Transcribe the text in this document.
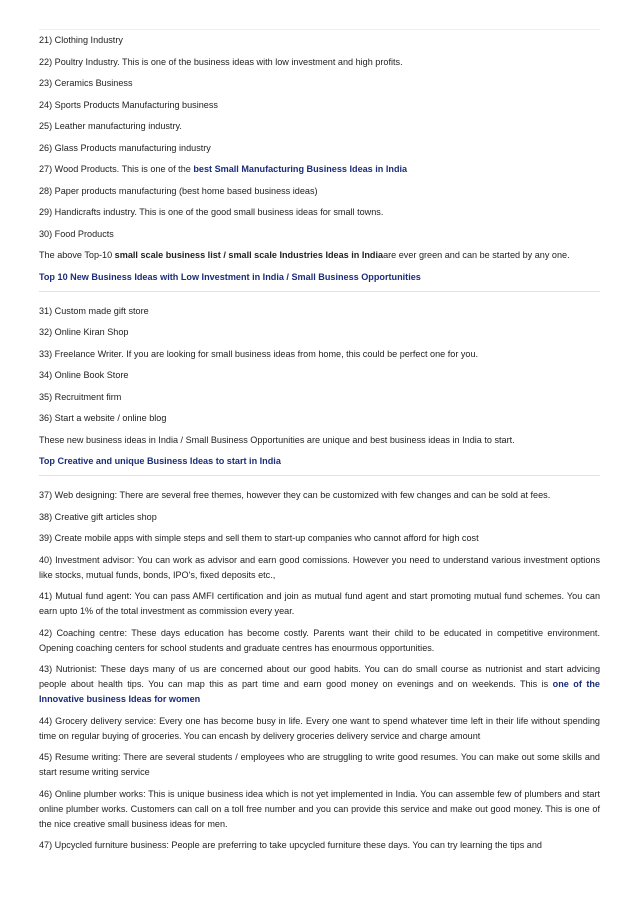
21) Clothing Industry

22) Poultry Industry. This is one of the business ideas with low investment and high profits.

23) Ceramics Business

24) Sports Products Manufacturing business

25) Leather manufacturing industry.

26) Glass Products manufacturing industry

27) Wood Products. This is one of the best Small Manufacturing Business Ideas in India

28) Paper products manufacturing (best home based business ideas)

29) Handicrafts industry. This is one of the good small business ideas for small towns.

30) Food Products

The above Top-10 small scale business list / small scale Industries Ideas in Indiaare ever green and can be started by any one.

Top 10 New Business Ideas with Low Investment in India / Small Business Opportunities

31) Custom made gift store

32) Online Kiran Shop

33) Freelance Writer. If you are looking for small business ideas from home, this could be perfect one for you.

34) Online Book Store

35) Recruitment firm

36) Start a website / online blog

These new business ideas in India / Small Business Opportunities are unique and best business ideas in India to start.

Top Creative and unique Business Ideas to start in India

37) Web designing: There are several free themes, however they can be customized with few changes and can be sold at fees.

38) Creative gift articles shop

39) Create mobile apps with simple steps and sell them to start-up companies who cannot afford for high cost

40) Investment advisor: You can work as advisor and earn good comissions. However you need to understand various investment options like stocks, mutual funds, bonds, IPO's, fixed deposits etc.,

41) Mutual fund agent: You can pass AMFI certification and join as mutual fund agent and start promoting mutual fund schemes. You can earn upto 1% of the total investment as commission every year.

42) Coaching centre: These days education has become costly. Parents want their child to be educated in competitive environment. Opening coaching centers for school students and graduate centres has enourmous opportunities.

43) Nutrionist: These days many of us are concerned about our good habits. You can do small course as nutrionist and start advicing people about health tips. You can map this as part time and earn good money on evenings and on weekends. This is one of the Innovative business Ideas for women

44) Grocery delivery service: Every one has become busy in life. Every one want to spend whatever time left in their life without spending time on regular buying of groceries. You can encash by delivery groceries delivery service and charge amount

45) Resume writing: There are several students / employees who are struggling to write good resumes. You can make out some skills and start resume writing service

46) Online plumber works: This is unique business idea which is not yet implemented in India. You can assemble few of plumbers and start online plumber works. Customers can call on a toll free number and you can provide this service and make out good money. This is one of the nice creative small business ideas for men.

47) Upcycled furniture business: People are preferring to take upcycled furniture these days. You can try learning the tips and
